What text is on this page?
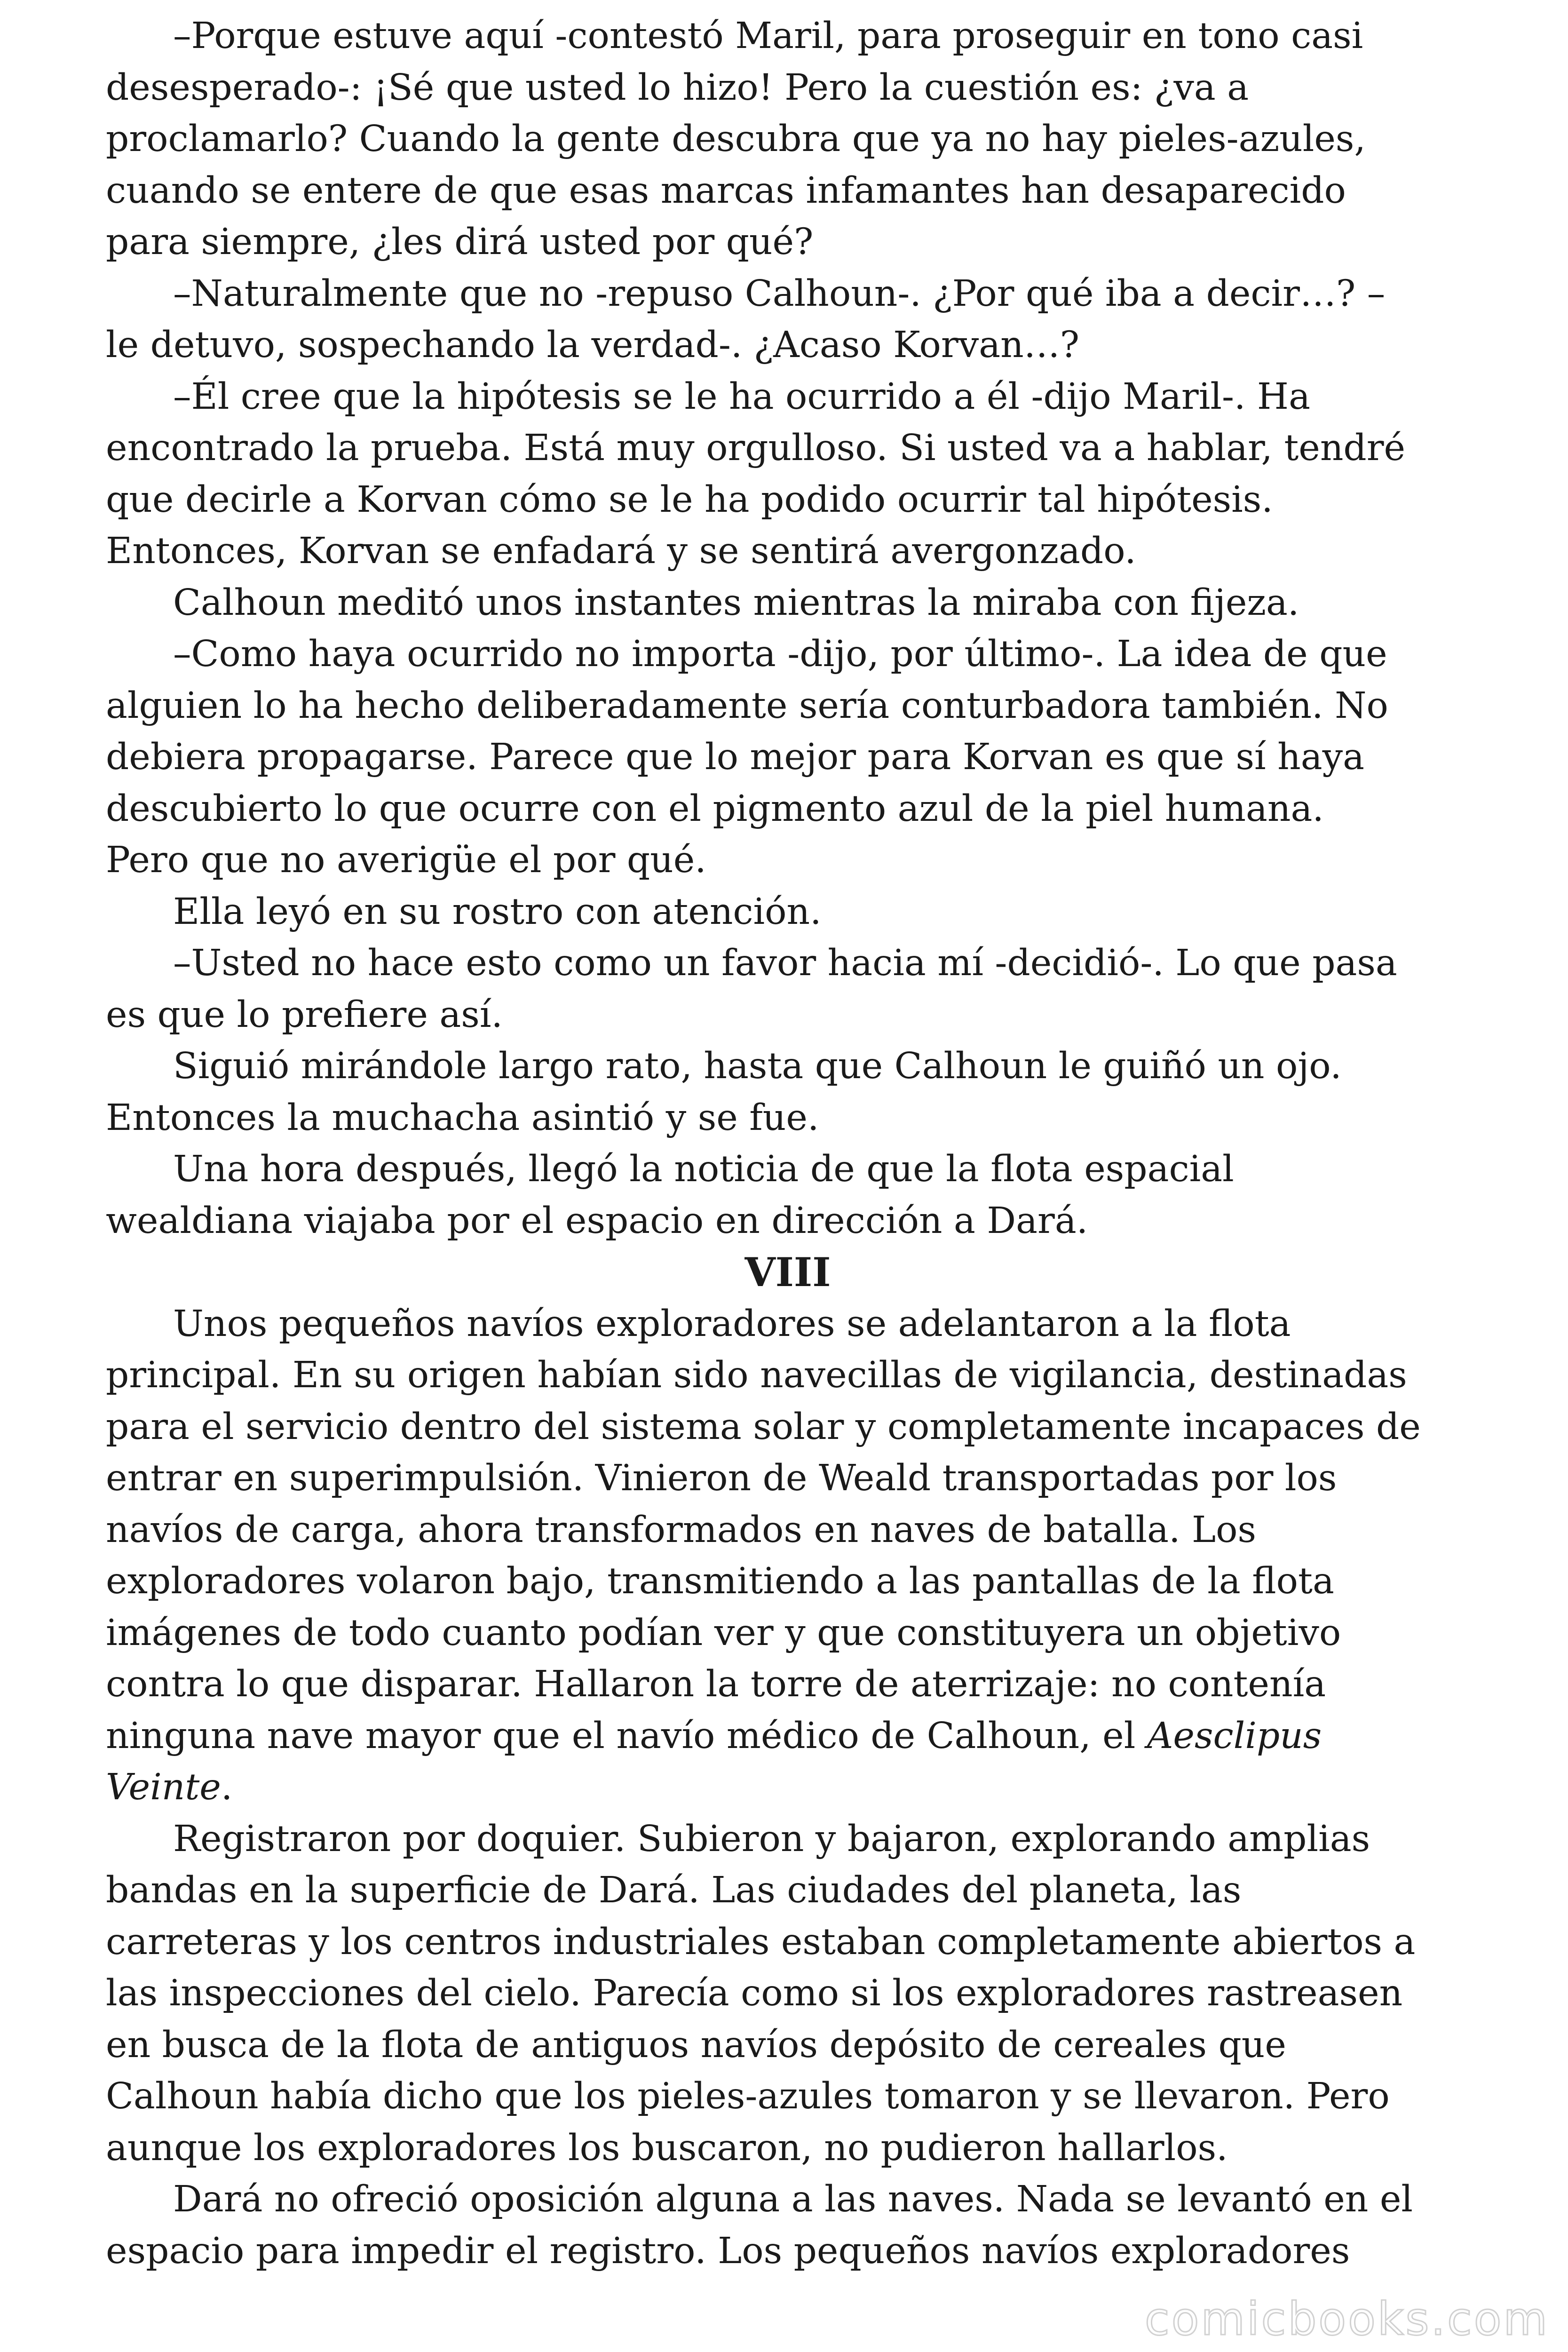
–Porque estuve aquí -contestó Maril, para proseguir en tono casi

desesperado-: ¡Sé que usted lo hizo! Pero la cuestión es: ¿va a

proclamarlo? Cuando la gente descubra que ya no hay pieles-azules,

cuando se entere de que esas marcas infamantes han desaparecido

para siempre, ¿les dirá usted por qué?

–Naturalmente que no -repuso Calhoun-. ¿Por qué iba a decir…? –

le detuvo, sospechando la verdad-. ¿Acaso Korvan…?

–Él cree que la hipótesis se le ha ocurrido a él -dijo Maril-. Ha

encontrado la prueba. Está muy orgulloso. Si usted va a hablar, tendré

que decirle a Korvan cómo se le ha podido ocurrir tal hipótesis.

Entonces, Korvan se enfadará y se sentirá avergonzado.

Calhoun meditó unos instantes mientras la miraba con fijeza.

–Como haya ocurrido no importa -dijo, por último-. La idea de que

alguien lo ha hecho deliberadamente sería conturbadora también. No

debiera propagarse. Parece que lo mejor para Korvan es que sí haya

descubierto lo que ocurre con el pigmento azul de la piel humana.

Pero que no averigüe el por qué.

Ella leyó en su rostro con atención.

–Usted no hace esto como un favor hacia mí -decidió-. Lo que pasa

es que lo prefiere así.

Siguió mirándole largo rato, hasta que Calhoun le guiñó un ojo.

Entonces la muchacha asintió y se fue.

Una hora después, llegó la noticia de que la flota espacial

wealdiana viajaba por el espacio en dirección a Dará.

VIII

Unos pequeños navíos exploradores se adelantaron a la flota

principal. En su origen habían sido navecillas de vigilancia, destinadas

para el servicio dentro del sistema solar y completamente incapaces de

entrar en superimpulsión. Vinieron de Weald transportadas por los

navíos de carga, ahora transformados en naves de batalla. Los

exploradores volaron bajo, transmitiendo a las pantallas de la flota

imágenes de todo cuanto podían ver y que constituyera un objetivo

contra lo que disparar. Hallaron la torre de aterrizaje: no contenía

ninguna nave mayor que el navío médico de Calhoun, el Aesclipus

Veinte.

Registraron por doquier. Subieron y bajaron, explorando amplias

bandas en la superficie de Dará. Las ciudades del planeta, las

carreteras y los centros industriales estaban completamente abiertos a

las inspecciones del cielo. Parecía como si los exploradores rastreasen

en busca de la flota de antiguos navíos depósito de cereales que

Calhoun había dicho que los pieles-azules tomaron y se llevaron. Pero

aunque los exploradores los buscaron, no pudieron hallarlos.

Dará no ofreció oposición alguna a las naves. Nada se levantó en el

espacio para impedir el registro. Los pequeños navíos exploradores

comicbooks.com
